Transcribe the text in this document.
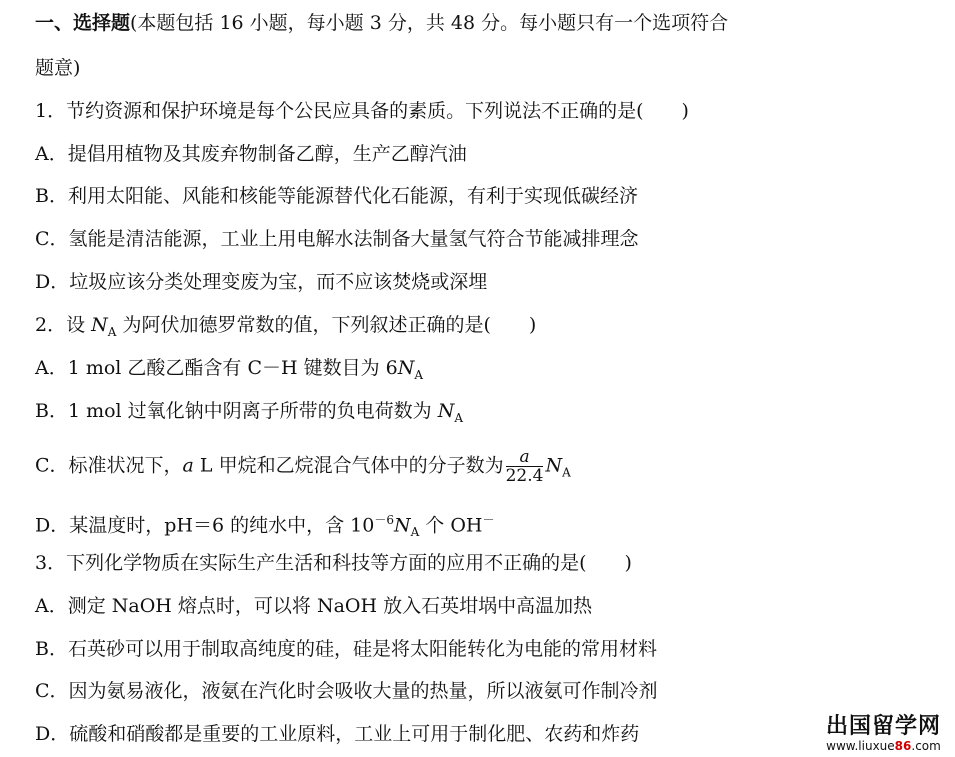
一、选择题(本题包括 16 小题，每小题 3 分，共 48 分。每小题只有一个选项符合
题意)
1．节约资源和保护环境是每个公民应具备的素质。下列说法不正确的是(　　)
A．提倡用植物及其废弃物制备乙醇，生产乙醇汽油
B．利用太阳能、风能和核能等能源替代化石能源，有利于实现低碳经济
C．氢能是清洁能源，工业上用电解水法制备大量氢气符合节能减排理念
D．垃圾应该分类处理变废为宝，而不应该焚烧或深埋
2．设 $N_A$ 为阿伏加德罗常数的值，下列叙述正确的是(　　)
A．1 mol 乙酸乙酯含有 C－H 键数目为 $6N_A$
B．1 mol 过氧化钠中阴离子所带的负电荷数为 $N_A$
C．标准状况下，a L 甲烷和乙烷混合气体中的分子数为 $\frac{a}{22.4} N_A$
D．某温度时，pH＝6 的纯水中，含 $10^{-6}N_A$ 个 OH－
3．下列化学物质在实际生产生活和科技等方面的应用不正确的是(　　)
A．测定 NaOH 熔点时，可以将 NaOH 放入石英坩埚中高温加热
B．石英砂可以用于制取高纯度的硅，硅是将太阳能转化为电能的常用材料
C．因为氨易液化，液氨在汽化时会吸收大量的热量，所以液氨可作制冷剂
D．硫酸和硝酸都是重要的工业原料，工业上可用于制化肥、农药和炸药	出国留学网
www.liuxue86.com
